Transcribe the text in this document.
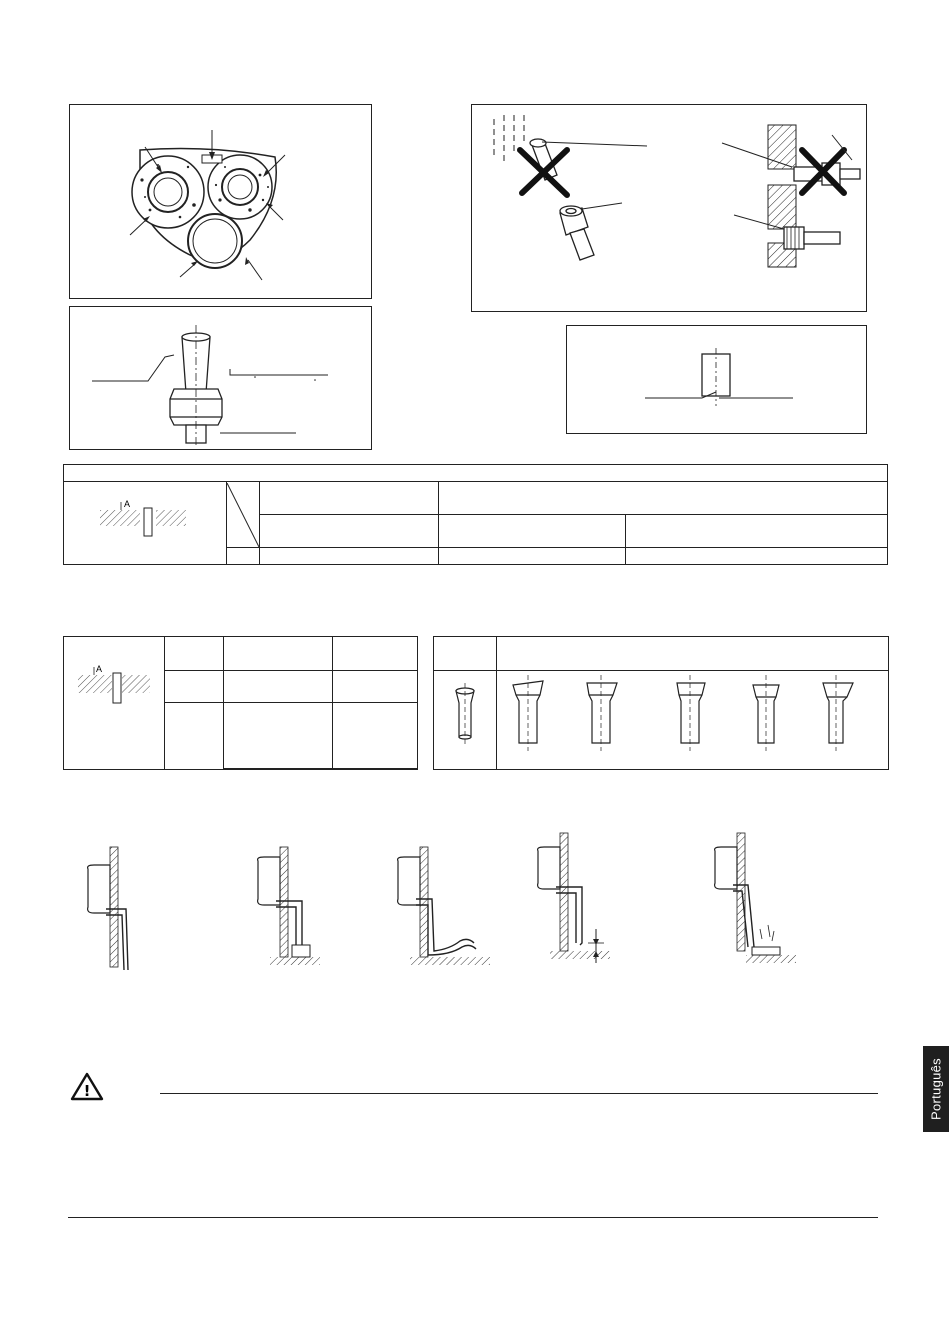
A

A			

!	Português
